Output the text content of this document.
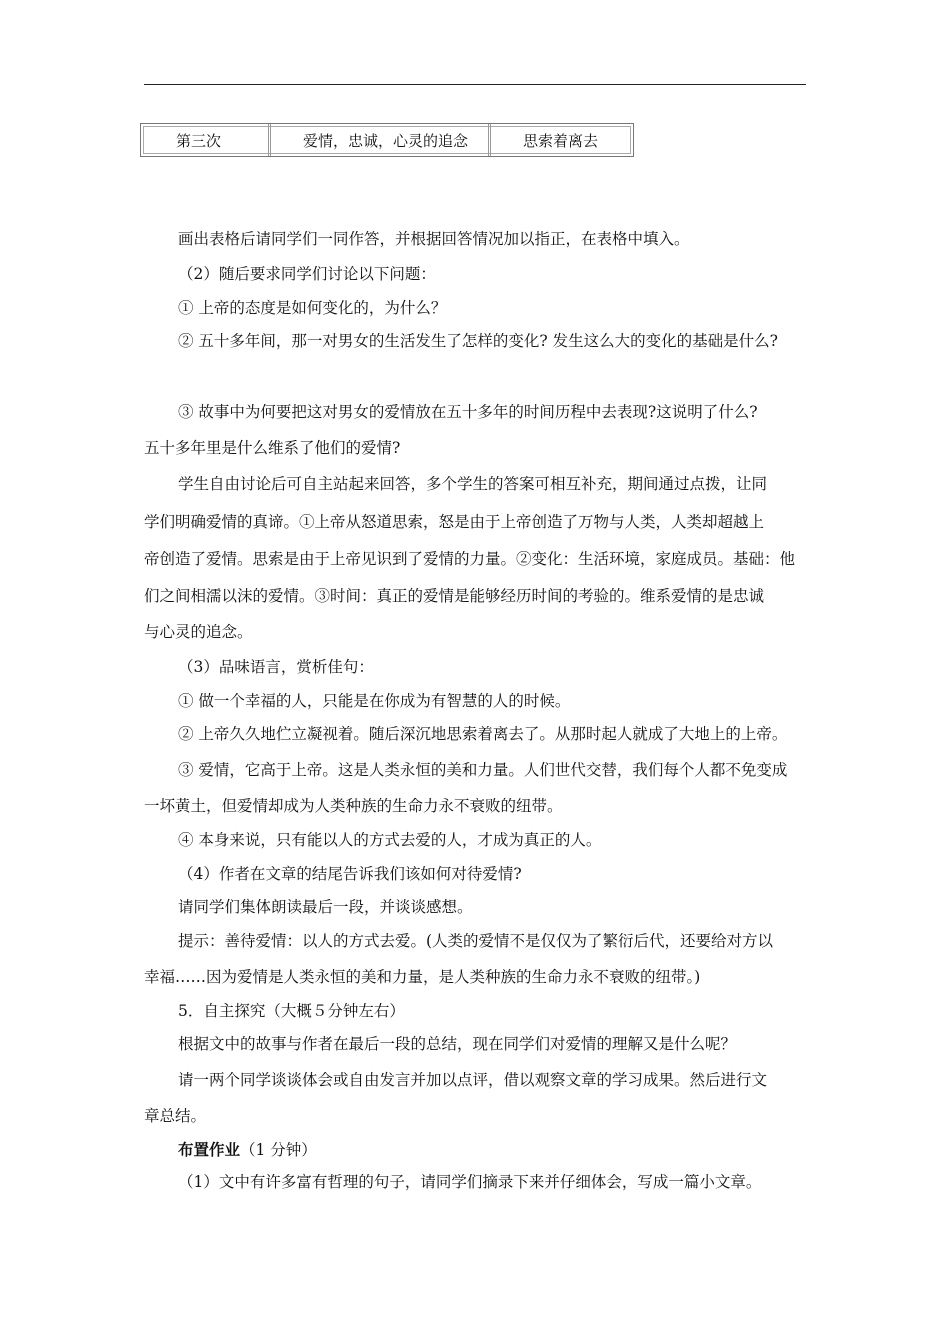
第三次	爱情，忠诚，心灵的追念	思索着离去
画出表格后请同学们一同作答，并根据回答情况加以指正，在表格中填入。
（2）随后要求同学们讨论以下问题：
① 上帝的态度是如何变化的，为什么？
② 五十多年间，那一对男女的生活发生了怎样的变化? 发生这么大的变化的基础是什么?
③ 故事中为何要把这对男女的爱情放在五十多年的时间历程中去表现?这说明了什么?
五十多年里是什么维系了他们的爱情?
学生自由讨论后可自主站起来回答，多个学生的答案可相互补充，期间通过点拨，让同
学们明确爱情的真谛。①上帝从怒道思索，怒是由于上帝创造了万物与人类，人类却超越上
帝创造了爱情。思索是由于上帝见识到了爱情的力量。②变化：生活环境，家庭成员。基础：他
们之间相濡以沫的爱情。③时间：真正的爱情是能够经历时间的考验的。维系爱情的是忠诚
与心灵的追念。
（3）品味语言，赏析佳句：
① 做一个幸福的人，只能是在你成为有智慧的人的时候。
② 上帝久久地伫立凝视着。随后深沉地思索着离去了。从那时起人就成了大地上的上帝。
③ 爱情，它高于上帝。这是人类永恒的美和力量。人们世代交替，我们每个人都不免变成
一坏黄土，但爱情却成为人类种族的生命力永不衰败的纽带。
④ 本身来说，只有能以人的方式去爱的人，才成为真正的人。
（4）作者在文章的结尾告诉我们该如何对待爱情?
请同学们集体朗读最后一段，并谈谈感想。
提示：善待爱情：以人的方式去爱。(人类的爱情不是仅仅为了繁衍后代，还要给对方以
幸福……因为爱情是人类永恒的美和力量，是人类种族的生命力永不衰败的纽带。)
5．自主探究（大概５分钟左右）
根据文中的故事与作者在最后一段的总结，现在同学们对爱情的理解又是什么呢？
请一两个同学谈谈体会或自由发言并加以点评，借以观察文章的学习成果。然后进行文
章总结。
布置作业（1 分钟）
（1）文中有许多富有哲理的句子，请同学们摘录下来并仔细体会，写成一篇小文章。
